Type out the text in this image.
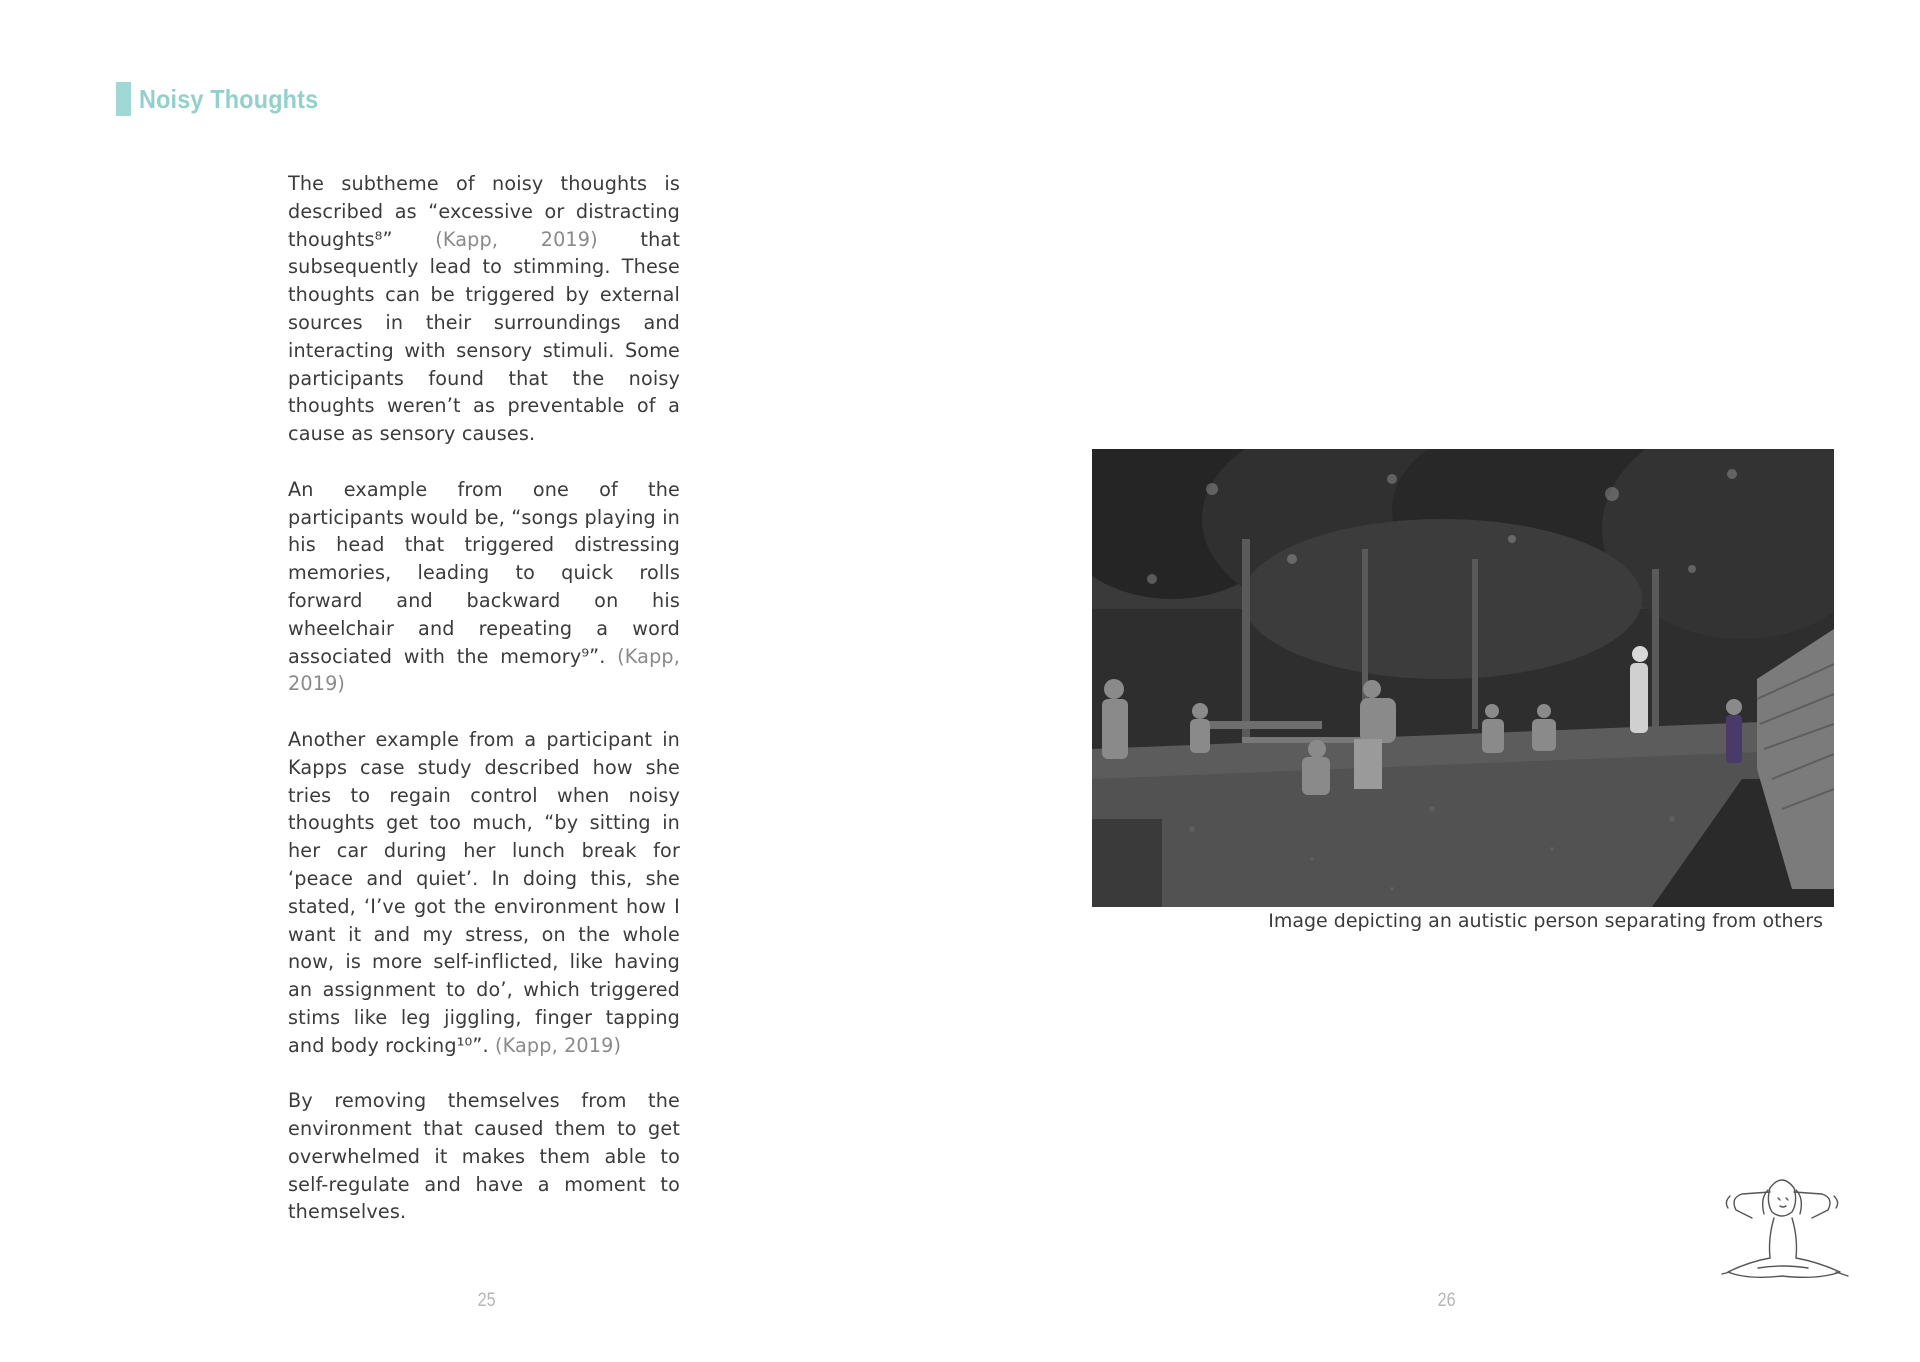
Noisy Thoughts

The subtheme of noisy thoughts is described as “excessive or distracting thoughts⁸” (Kapp, 2019) that subsequently lead to stimming. These thoughts can be triggered by external sources in their surroundings and interacting with sensory stimuli. Some participants found that the noisy thoughts weren’t as preventable of a cause as sensory causes.

An example from one of the participants would be, “songs playing in his head that triggered distressing memories, leading to quick rolls forward and backward on his wheelchair and repeating a word associated with the memory⁹”. (Kapp, 2019)

Another example from a participant in Kapps case study described how she tries to regain control when noisy thoughts get too much, “by sitting in her car during her lunch break for ‘peace and quiet’. In doing this, she stated, ‘I’ve got the environment how I want it and my stress, on the whole now, is more self-inflicted, like having an assignment to do’, which triggered stims like leg jiggling, finger tapping and body rocking¹⁰”. (Kapp, 2019)

By removing themselves from the environment that caused them to get overwhelmed it makes them able to self-regulate and have a moment to themselves.

25
Image depicting an autistic person separating from others
26
